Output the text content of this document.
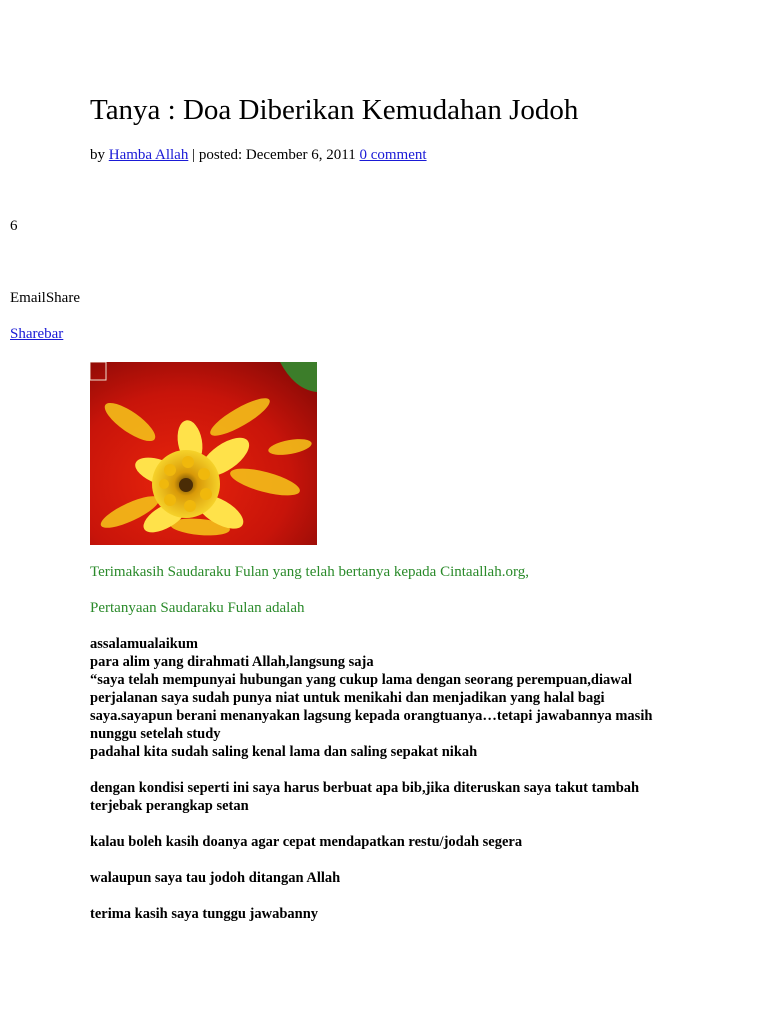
Tanya : Doa Diberikan Kemudahan Jodoh
by Hamba Allah | posted: December 6, 2011 0 comment
6
EmailShare
Sharebar
Terimakasih Saudaraku Fulan yang telah bertanya kepada Cintaallah.org,
Pertanyaan Saudaraku Fulan adalah

assalamualaikum
para alim yang dirahmati Allah,langsung saja
“saya telah mempunyai hubungan yang cukup lama dengan seorang perempuan,diawal perjalanan saya sudah punya niat untuk menikahi dan menjadikan yang halal bagi saya.sayapun berani menanyakan lagsung kepada orangtuanya…tetapi jawabannya masih nunggu setelah study
padahal kita sudah saling kenal lama dan saling sepakat nikah

dengan kondisi seperti ini saya harus berbuat apa bib,jika diteruskan saya takut tambah terjebak perangkap setan

kalau boleh kasih doanya agar cepat mendapatkan restu/jodah segera

walaupun saya tau jodoh ditangan Allah

terima kasih saya tunggu jawabanny
